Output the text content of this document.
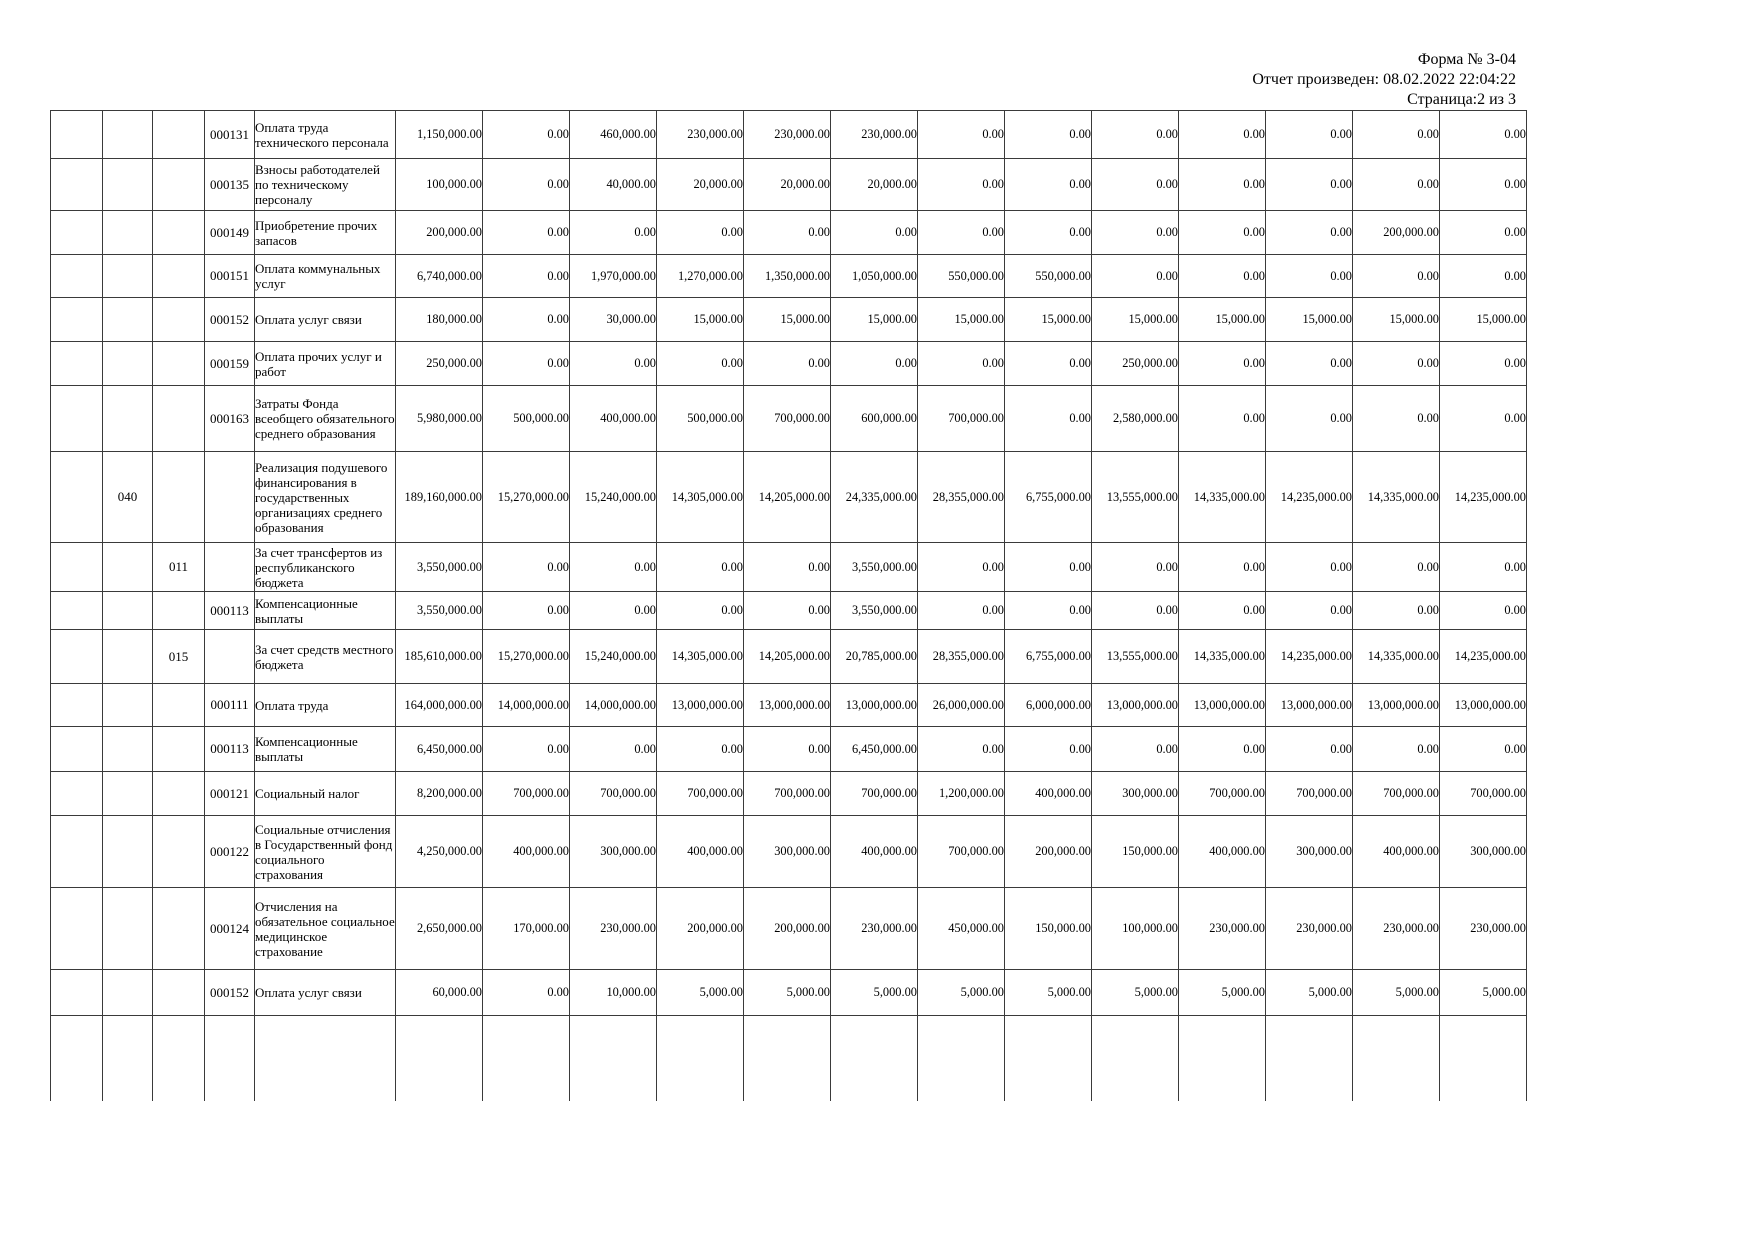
Форма № 3-04
Отчет произведен: 08.02.2022 22:04:22
Страница:2 из 3
			000131	Оплата труда технического персонала	1,150,000.00	0.00	460,000.00	230,000.00	230,000.00	230,000.00	0.00	0.00	0.00	0.00	0.00	0.00	0.00
			000135	Взносы работодателей по техническому персоналу	100,000.00	0.00	40,000.00	20,000.00	20,000.00	20,000.00	0.00	0.00	0.00	0.00	0.00	0.00	0.00
			000149	Приобретение прочих запасов	200,000.00	0.00	0.00	0.00	0.00	0.00	0.00	0.00	0.00	0.00	0.00	200,000.00	0.00
			000151	Оплата коммунальных услуг	6,740,000.00	0.00	1,970,000.00	1,270,000.00	1,350,000.00	1,050,000.00	550,000.00	550,000.00	0.00	0.00	0.00	0.00	0.00
			000152	Оплата услуг связи	180,000.00	0.00	30,000.00	15,000.00	15,000.00	15,000.00	15,000.00	15,000.00	15,000.00	15,000.00	15,000.00	15,000.00	15,000.00
			000159	Оплата прочих услуг и работ	250,000.00	0.00	0.00	0.00	0.00	0.00	0.00	0.00	250,000.00	0.00	0.00	0.00	0.00
			000163	Затраты Фонда всеобщего обязательного среднего образования	5,980,000.00	500,000.00	400,000.00	500,000.00	700,000.00	600,000.00	700,000.00	0.00	2,580,000.00	0.00	0.00	0.00	0.00
	040			Реализация подушевого финансирования в государственных организациях среднего образования	189,160,000.00	15,270,000.00	15,240,000.00	14,305,000.00	14,205,000.00	24,335,000.00	28,355,000.00	6,755,000.00	13,555,000.00	14,335,000.00	14,235,000.00	14,335,000.00	14,235,000.00
		011		За счет трансфертов из республиканского бюджета	3,550,000.00	0.00	0.00	0.00	0.00	3,550,000.00	0.00	0.00	0.00	0.00	0.00	0.00	0.00
			000113	Компенсационные выплаты	3,550,000.00	0.00	0.00	0.00	0.00	3,550,000.00	0.00	0.00	0.00	0.00	0.00	0.00	0.00
		015		За счет средств местного бюджета	185,610,000.00	15,270,000.00	15,240,000.00	14,305,000.00	14,205,000.00	20,785,000.00	28,355,000.00	6,755,000.00	13,555,000.00	14,335,000.00	14,235,000.00	14,335,000.00	14,235,000.00
			000111	Оплата труда	164,000,000.00	14,000,000.00	14,000,000.00	13,000,000.00	13,000,000.00	13,000,000.00	26,000,000.00	6,000,000.00	13,000,000.00	13,000,000.00	13,000,000.00	13,000,000.00	13,000,000.00
			000113	Компенсационные выплаты	6,450,000.00	0.00	0.00	0.00	0.00	6,450,000.00	0.00	0.00	0.00	0.00	0.00	0.00	0.00
			000121	Социальный налог	8,200,000.00	700,000.00	700,000.00	700,000.00	700,000.00	700,000.00	1,200,000.00	400,000.00	300,000.00	700,000.00	700,000.00	700,000.00	700,000.00
			000122	Социальные отчисления в Государственный фонд социального страхования	4,250,000.00	400,000.00	300,000.00	400,000.00	300,000.00	400,000.00	700,000.00	200,000.00	150,000.00	400,000.00	300,000.00	400,000.00	300,000.00
			000124	Отчисления на обязательное социальное медицинское страхование	2,650,000.00	170,000.00	230,000.00	200,000.00	200,000.00	230,000.00	450,000.00	150,000.00	100,000.00	230,000.00	230,000.00	230,000.00	230,000.00
			000152	Оплата услуг связи	60,000.00	0.00	10,000.00	5,000.00	5,000.00	5,000.00	5,000.00	5,000.00	5,000.00	5,000.00	5,000.00	5,000.00	5,000.00
